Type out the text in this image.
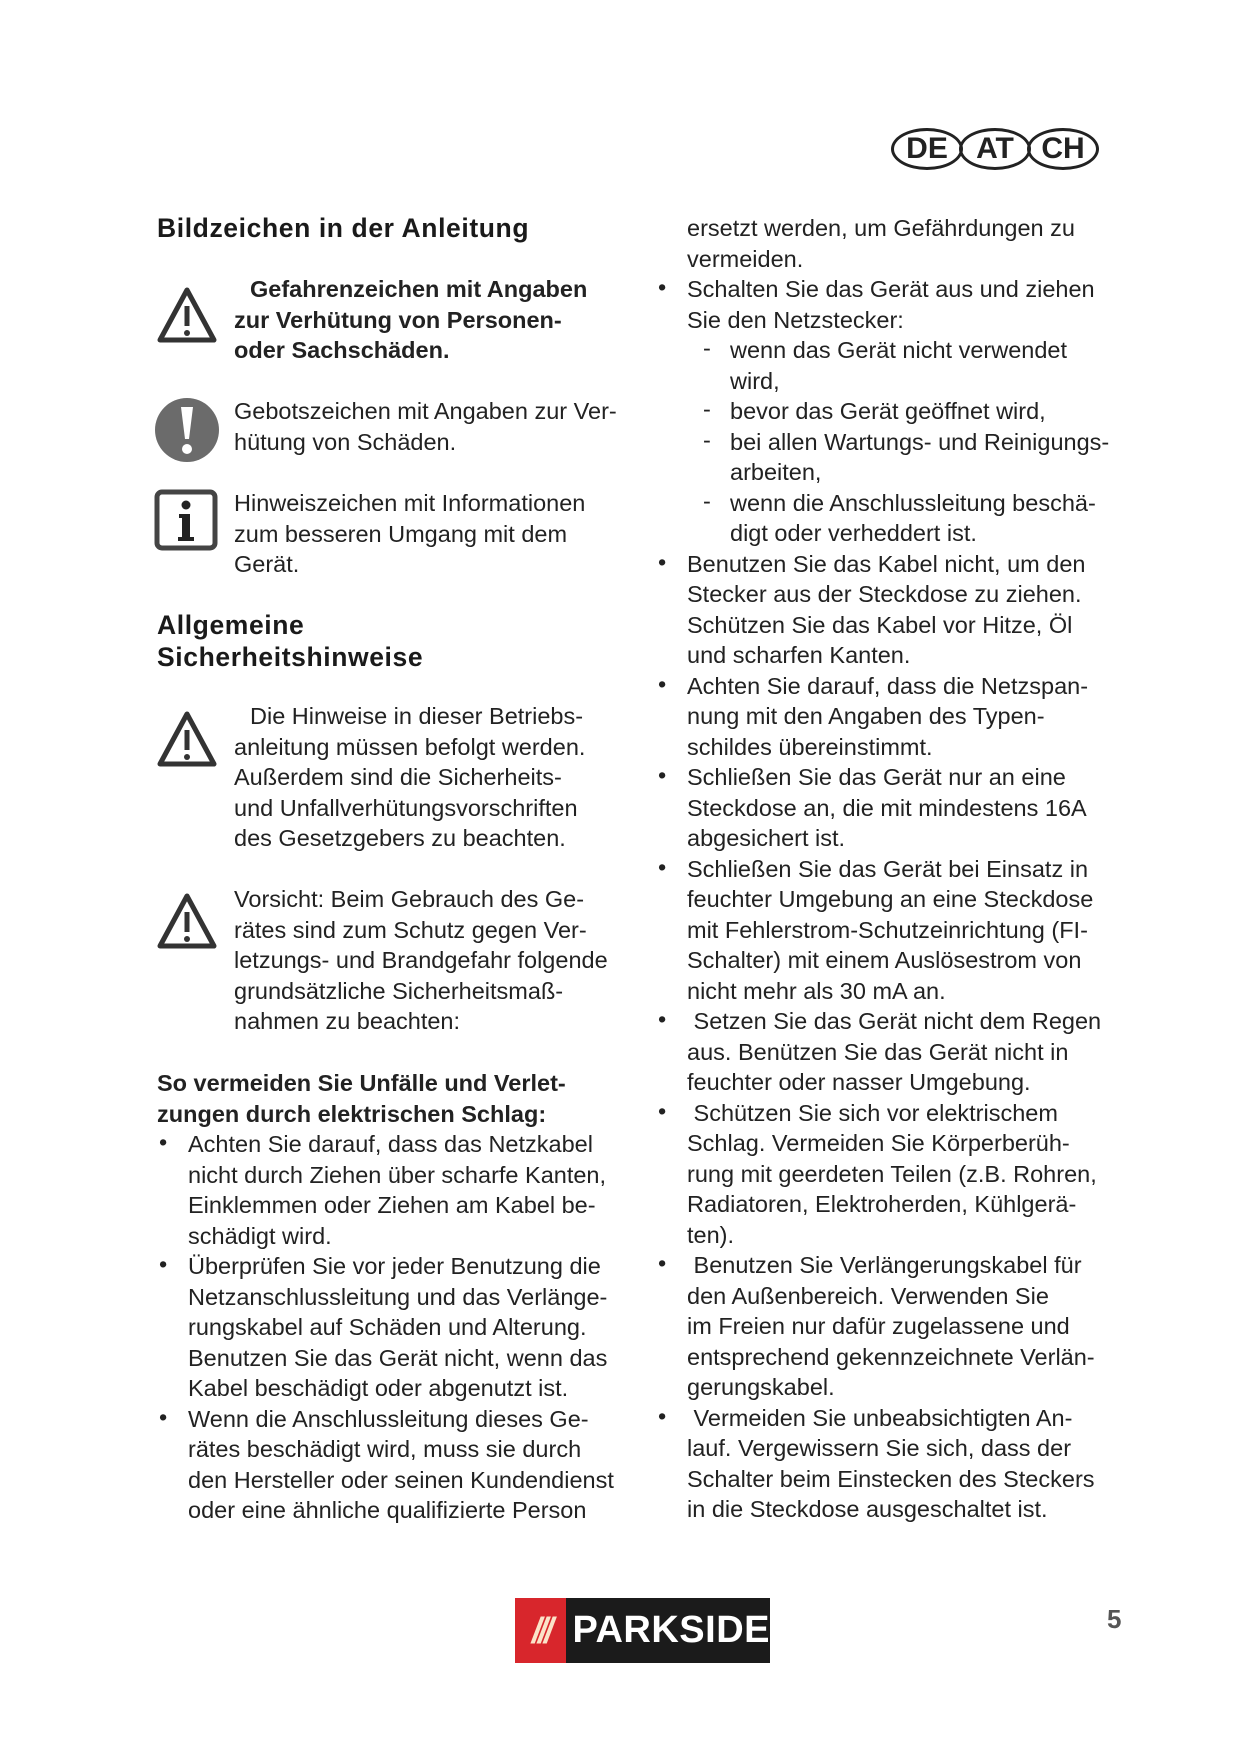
DE AT CH
Bildzeichen in der Anleitung
Gefahrenzeichen mit Angaben
zur Verhütung von Personen-
oder Sachschäden.
Gebotszeichen mit Angaben zur Ver-
hütung von Schäden.
Hinweiszeichen mit Informationen
zum besseren Umgang mit dem
Gerät.
Allgemeine
Sicherheitshinweise
Die Hinweise in dieser Betriebs-
anleitung müssen befolgt werden.
Außerdem sind die Sicherheits-
und Unfallverhütungsvorschriften
des Gesetzgebers zu beachten.
Vorsicht: Beim Gebrauch des Ge-
rätes sind zum Schutz gegen Ver-
letzungs- und Brandgefahr folgende
grundsätzliche Sicherheitsmaß-
nahmen zu beachten:
So vermeiden Sie Unfälle und Verlet-
zungen durch elektrischen Schlag:
• Achten Sie darauf, dass das Netzkabel
nicht durch Ziehen über scharfe Kanten,
Einklemmen oder Ziehen am Kabel be-
schädigt wird.
• Überprüfen Sie vor jeder Benutzung die
Netzanschlussleitung und das Verlänge-
rungskabel auf Schäden und Alterung.
Benutzen Sie das Gerät nicht, wenn das
Kabel beschädigt oder abgenutzt ist.
• Wenn die Anschlussleitung dieses Ge-
rätes beschädigt wird, muss sie durch
den Hersteller oder seinen Kundendienst
oder eine ähnliche qualifizierte Person
ersetzt werden, um Gefährdungen zu
vermeiden.
• Schalten Sie das Gerät aus und ziehen
Sie den Netzstecker:
- wenn das Gerät nicht verwendet
wird,
- bevor das Gerät geöffnet wird,
- bei allen Wartungs- und Reinigungs-
arbeiten,
- wenn die Anschlussleitung beschä-
digt oder verheddert ist.
• Benutzen Sie das Kabel nicht, um den
Stecker aus der Steckdose zu ziehen.
Schützen Sie das Kabel vor Hitze, Öl
und scharfen Kanten.
• Achten Sie darauf, dass die Netzspan-
nung mit den Angaben des Typen-
schildes übereinstimmt.
• Schließen Sie das Gerät nur an eine
Steckdose an, die mit mindestens 16A
abgesichert ist.
• Schließen Sie das Gerät bei Einsatz in
feuchter Umgebung an eine Steckdose
mit Fehlerstrom-Schutzeinrichtung (FI-
Schalter) mit einem Auslösestrom von
nicht mehr als 30 mA an.
• Setzen Sie das Gerät nicht dem Regen
aus. Benützen Sie das Gerät nicht in
feuchter oder nasser Umgebung.
• Schützen Sie sich vor elektrischem
Schlag. Vermeiden Sie Körperberüh-
rung mit geerdeten Teilen (z.B. Rohren,
Radiatoren, Elektroherden, Kühlgerä-
ten).
• Benutzen Sie Verlängerungskabel für
den Außenbereich. Verwenden Sie
im Freien nur dafür zugelassene und
entsprechend gekennzeichnete Verlän-
gerungskabel.
• Vermeiden Sie unbeabsichtigten An-
lauf. Vergewissern Sie sich, dass der
Schalter beim Einstecken des Steckers
in die Steckdose ausgeschaltet ist.
/// PARKSIDE	5
